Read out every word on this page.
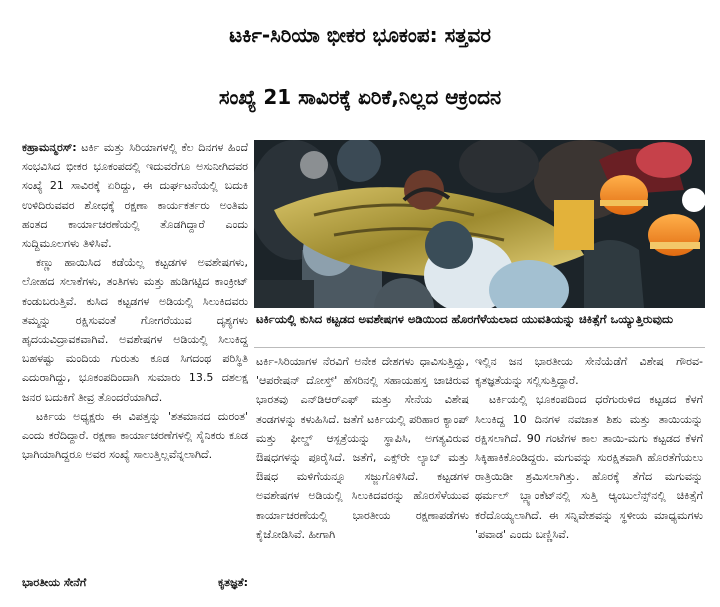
ಟರ್ಕಿ-ಸಿರಿಯಾ ಭೀಕರ ಭೂಕಂಪ: ಸತ್ತವರ
ಸಂಖ್ಯೆ 21 ಸಾವಿರಕ್ಕೆ ಏರಿಕೆ,ನಿಲ್ಲದ ಆಕ್ರಂದನ

ಕಹ್ರಾಮನ್ಮರಸ್: ಟರ್ಕಿ ಮತ್ತು ಸಿರಿಯಾಗಳಲ್ಲಿ ಕೆಲ ದಿನಗಳ ಹಿಂದೆ ಸಂಭವಿಸಿದ ಭೀಕರ ಭೂಕಂಪದಲ್ಲಿ ಇದುವರೆಗೂ ಅಸುನೀಗಿದವರ ಸಂಖ್ಯೆ 21 ಸಾವಿರಕ್ಕೆ ಏರಿದ್ದು, ಈ ದುರ್ಘಟನೆಯಲ್ಲಿ ಬದುಕಿ ಉಳಿದಿರುವವರ ಶೋಧಕ್ಕೆ ರಕ್ಷಣಾ ಕಾರ್ಯಕರ್ತರು ಅಂತಿಮ ಹಂತದ ಕಾರ್ಯಾಚರಣೆಯಲ್ಲಿ ತೊಡಗಿದ್ದಾರೆ ಎಂದು ಸುದ್ದಿಮೂಲಗಳು ತಿಳಿಸಿವೆ.

ಕಣ್ಣು ಹಾಯಿಸಿದ ಕಡೆಯೆಲ್ಲ ಕಟ್ಟಡಗಳ ಅವಶೇಷಗಳು, ಲೋಹದ ಸಲಾಕೆಗಳು, ತಂತಿಗಳು ಮತ್ತು ಹುಡಿಗಟ್ಟಿದ ಕಾಂಕ್ರೀಟ್ ಕಂಡುಬರುತ್ತಿವೆ. ಕುಸಿದ ಕಟ್ಟಡಗಳ ಅಡಿಯಲ್ಲಿ ಸಿಲುಕಿದವರು ತಮ್ಮನ್ನು ರಕ್ಷಿಸುವಂತೆ ಗೋಗರೆಯುವ ದೃಶ್ಯಗಳು ಹೃದಯವಿದ್ರಾವಕವಾಗಿವೆ. ಅವಶೇಷಗಳ ಅಡಿಯಲ್ಲಿ ಸಿಲುಕಿದ್ದ ಬಹಳಷ್ಟು ಮಂದಿಯ ಗುರುತು ಕೂಡ ಸಿಗದಂಥ ಪರಿಸ್ಥಿತಿ ಎದುರಾಗಿದ್ದು, ಭೂಕಂಪದಿಂದಾಗಿ ಸುಮಾರು 13.5 ದಶಲಕ್ಷ ಜನರ ಬದುಕಿಗೆ ತೀವ್ರ ತೊಂದರೆಯಾಗಿದೆ.

ಟರ್ಕಿಯ ಅಧ್ಯಕ್ಷರು ಈ ವಿಪತ್ತನ್ನು 'ಶತಮಾನದ ದುರಂತ' ಎಂದು ಕರೆದಿದ್ದಾರೆ. ರಕ್ಷಣಾ ಕಾರ್ಯಾಚರಣೆಗಳಲ್ಲಿ ಸೈನಿಕರು ಕೂಡ ಭಾಗಿಯಾಗಿದ್ದರೂ ಅವರ ಸಂಖ್ಯೆ ಸಾಲುತ್ತಿಲ್ಲವೆನ್ನಲಾಗಿದೆ.

ಭಾರತೀಯ ಸೇನೆಗೆ	ಕೃತಜ್ಞತೆ:
ಟರ್ಕಿಯಲ್ಲಿ ಕುಸಿದ ಕಟ್ಟಡದ ಅವಶೇಷಗಳ ಅಡಿಯಿಂದ ಹೊರಗೆಳೆಯಲಾದ ಯುವತಿಯನ್ನು ಚಿಕಿತ್ಸೆಗೆ ಒಯ್ಯುತ್ತಿರುವುದು

ಟರ್ಕಿ-ಸಿರಿಯಾಗಳ ನೆರವಿಗೆ ಅನೇಕ ದೇಶಗಳು ಧಾವಿಸುತ್ತಿದ್ದು, 'ಆಪರೇಷನ್ ದೋಸ್ತ್' ಹೆಸರಿನಲ್ಲಿ ಸಹಾಯಹಸ್ತ ಚಾಚಿರುವ ಭಾರತವು ಎನ್‌ಡಿಆರ್‌ಎಫ್ ಮತ್ತು ಸೇನೆಯ ವಿಶೇಷ ತಂಡಗಳನ್ನು ಕಳುಹಿಸಿದೆ. ಜತೆಗೆ ಟರ್ಕಿಯಲ್ಲಿ ಪರಿಹಾರ ಕ್ಯಾಂಪ್ ಮತ್ತು ಫೀಲ್ಡ್ ಆಸ್ಪತ್ರೆಯನ್ನು ಸ್ಥಾಪಿಸಿ, ಅಗತ್ಯವಿರುವ ಔಷಧಗಳನ್ನು ಪೂರೈಸಿದೆ. ಜತೆಗೆ, ಎಕ್ಸ್‌ರೇ ಲ್ಯಾಬ್ ಮತ್ತು ಔಷಧ ಮಳಿಗೆಯನ್ನೂ ಸಜ್ಜುಗೊಳಿಸಿದೆ. ಕಟ್ಟಡಗಳ ಅವಶೇಷಗಳ ಅಡಿಯಲ್ಲಿ ಸಿಲುಕಿದವರನ್ನು ಹೊರಸೆಳೆಯುವ ಕಾರ್ಯಾಚರಣೆಯಲ್ಲಿ ಭಾರತೀಯ ರಕ್ಷಣಾಪಡೆಗಳು ಕೈಜೋಡಿಸಿವೆ. ಹೀಗಾಗಿ

ಇಲ್ಲಿನ ಜನ ಭಾರತೀಯ ಸೇನೆಯೆಡೆಗೆ ವಿಶೇಷ ಗೌರವ-ಕೃತಜ್ಞತೆಯನ್ನು ಸಲ್ಲಿಸುತ್ತಿದ್ದಾರೆ.

ಟರ್ಕಿಯಲ್ಲಿ ಭೂಕಂಪದಿಂದ ಧರೆಗುರುಳಿದ ಕಟ್ಟಡದ ಕೆಳಗೆ ಸಿಲುಕಿದ್ದ 10 ದಿನಗಳ ನವಜಾತ ಶಿಶು ಮತ್ತು ತಾಯಿಯನ್ನು ರಕ್ಷಿಸಲಾಗಿದೆ. 90 ಗಂಟೆಗಳ ಕಾಲ ತಾಯಿ-ಮಗು ಕಟ್ಟಡದ ಕೆಳಗೆ ಸಿಕ್ಕಿಹಾಕಿಕೊಂಡಿದ್ದರು. ಮಗುವನ್ನು ಸುರಕ್ಷಿತವಾಗಿ ಹೊರತೆಗೆಯಲು ರಾತ್ರಿಯಿಡೀ ಶ್ರಮಿಸಲಾಗಿತ್ತು. ಹೊರಕ್ಕೆ ತೆಗೆದ ಮಗುವನ್ನು ಥರ್ಮಲ್ ಬ್ಲ್ಯಾಂಕೆಟ್‌ನಲ್ಲಿ ಸುತ್ತಿ ಆ್ಯಂಬುಲೆನ್ಸ್‌ನಲ್ಲಿ ಚಿಕಿತ್ಸೆಗೆ ಕರೆದೊಯ್ಯಲಾಗಿದೆ. ಈ ಸನ್ನಿವೇಶವನ್ನು ಸ್ಥಳೀಯ ಮಾಧ್ಯಮಗಳು 'ಪವಾಡ' ಎಂದು ಬಣ್ಣಿಸಿವೆ.
